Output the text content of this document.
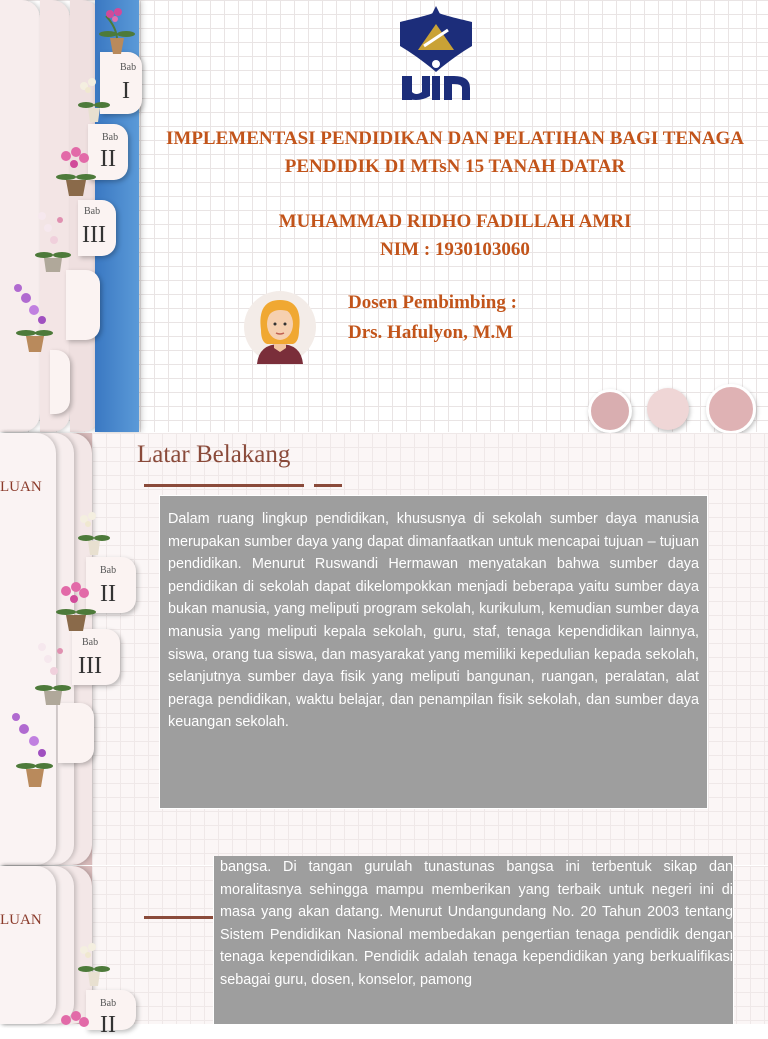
Bab
I
Bab
II
Bab
III
IMPLEMENTASI PENDIDIKAN DAN PELATIHAN BAGI TENAGA PENDIDIK DI MTsN 15 TANAH DATAR
MUHAMMAD RIDHO FADILLAH AMRI
NIM : 1930103060
Dosen Pembimbing :
Drs. Hafulyon, M.M
LUAN
Bab
II
Bab
III
Latar Belakang
Dalam ruang lingkup pendidikan, khususnya di sekolah sumber daya manusia merupakan sumber daya yang dapat dimanfaatkan untuk mencapai tujuan – tujuan pendidikan. Menurut Ruswandi Hermawan menyatakan bahwa sumber daya pendidikan di sekolah dapat dikelompokkan menjadi beberapa yaitu sumber daya bukan manusia, yang meliputi program sekolah, kurikulum, kemudian sumber daya manusia yang meliputi kepala sekolah, guru, staf, tenaga kependidikan lainnya, siswa, orang tua siswa, dan masyarakat yang memiliki kepedulian kepada sekolah, selanjutnya sumber daya fisik yang meliputi bangunan, ruangan, peralatan, alat peraga pendidikan, waktu belajar, dan penampilan fisik sekolah, dan sumber daya keuangan sekolah.
LUAN
Bab
II
bangsa. Di tangan gurulah tunastunas bangsa ini terbentuk sikap dan moralitasnya sehingga mampu memberikan yang terbaik untuk negeri ini di masa yang akan datang. Menurut Undangundang No. 20 Tahun 2003 tentang Sistem Pendidikan Nasional membedakan pengertian tenaga pendidik dengan tenaga kependidikan. Pendidik adalah tenaga kependidikan yang berkualifikasi sebagai guru, dosen, konselor, pamong
